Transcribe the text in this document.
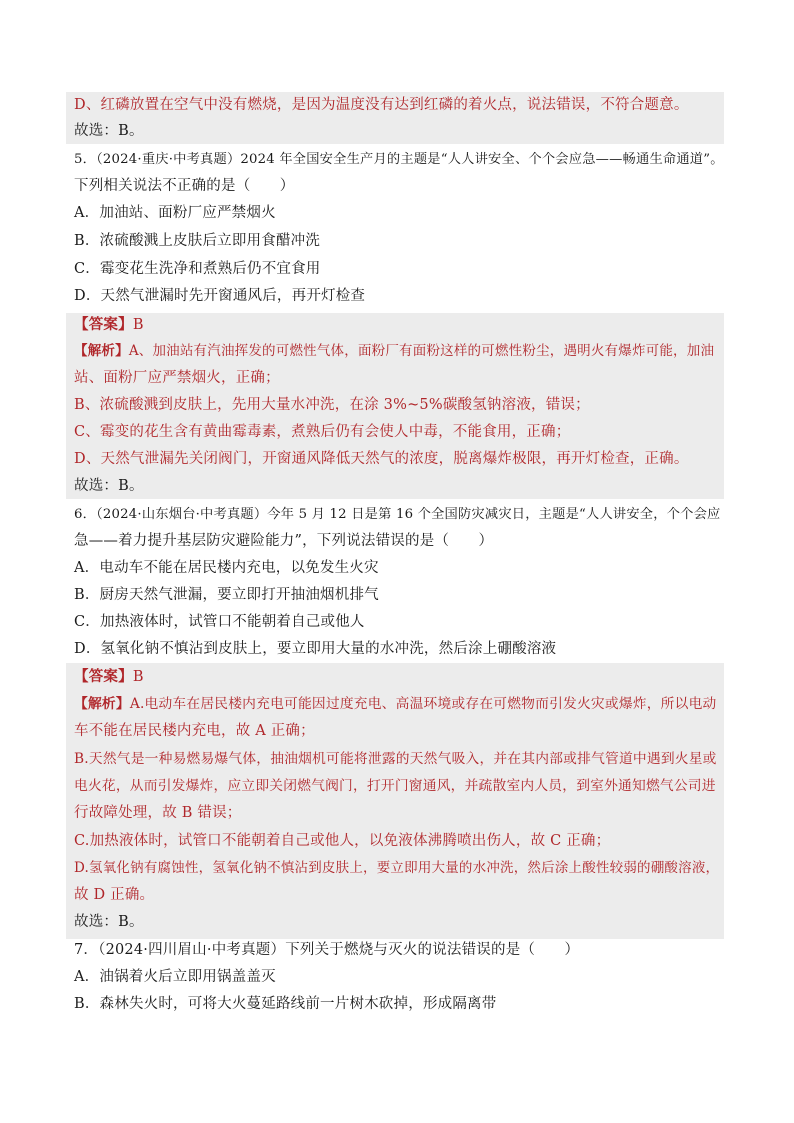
D、红磷放置在空气中没有燃烧，是因为温度没有达到红磷的着火点，说法错误，不符合题意。
故选：B。
5．（2024·重庆·中考真题）2024 年全国安全生产月的主题是“人人讲安全、个个会应急——畅通生命通道”。
下列相关说法不正确的是（　　）
A．加油站、面粉厂应严禁烟火
B．浓硫酸溅上皮肤后立即用食醋冲洗
C．霉变花生洗净和煮熟后仍不宜食用
D．天然气泄漏时先开窗通风后，再开灯检查
【答案】B
【解析】A、加油站有汽油挥发的可燃性气体，面粉厂有面粉这样的可燃性粉尘，遇明火有爆炸可能，加油
站、面粉厂应严禁烟火，正确；
B、浓硫酸溅到皮肤上，先用大量水冲洗，在涂 3%~5%碳酸氢钠溶液，错误；
C、霉变的花生含有黄曲霉毒素，煮熟后仍有会使人中毒，不能食用，正确；
D、天然气泄漏先关闭阀门，开窗通风降低天然气的浓度，脱离爆炸极限，再开灯检查，正确。
故选：B。
6．（2024·山东烟台·中考真题）今年 5 月 12 日是第 16 个全国防灾减灾日，主题是“人人讲安全，个个会应
急——着力提升基层防灾避险能力”，下列说法错误的是（　　）
A．电动车不能在居民楼内充电，以免发生火灾
B．厨房天然气泄漏，要立即打开抽油烟机排气
C．加热液体时，试管口不能朝着自己或他人
D．氢氧化钠不慎沾到皮肤上，要立即用大量的水冲洗，然后涂上硼酸溶液
【答案】B
【解析】A.电动车在居民楼内充电可能因过度充电、高温环境或存在可燃物而引发火灾或爆炸，所以电动
车不能在居民楼内充电，故 A 正确；
B.天然气是一种易燃易爆气体，抽油烟机可能将泄露的天然气吸入，并在其内部或排气管道中遇到火星或
电火花，从而引发爆炸，应立即关闭燃气阀门，打开门窗通风，并疏散室内人员，到室外通知燃气公司进
行故障处理，故 B 错误；
C.加热液体时，试管口不能朝着自己或他人，以免液体沸腾喷出伤人，故 C 正确；
D.氢氧化钠有腐蚀性，氢氧化钠不慎沾到皮肤上，要立即用大量的水冲洗，然后涂上酸性较弱的硼酸溶液，
故 D 正确。
故选：B。
7．（2024·四川眉山·中考真题）下列关于燃烧与灭火的说法错误的是（　　）
A．油锅着火后立即用锅盖盖灭
B．森林失火时，可将大火蔓延路线前一片树木砍掉，形成隔离带
